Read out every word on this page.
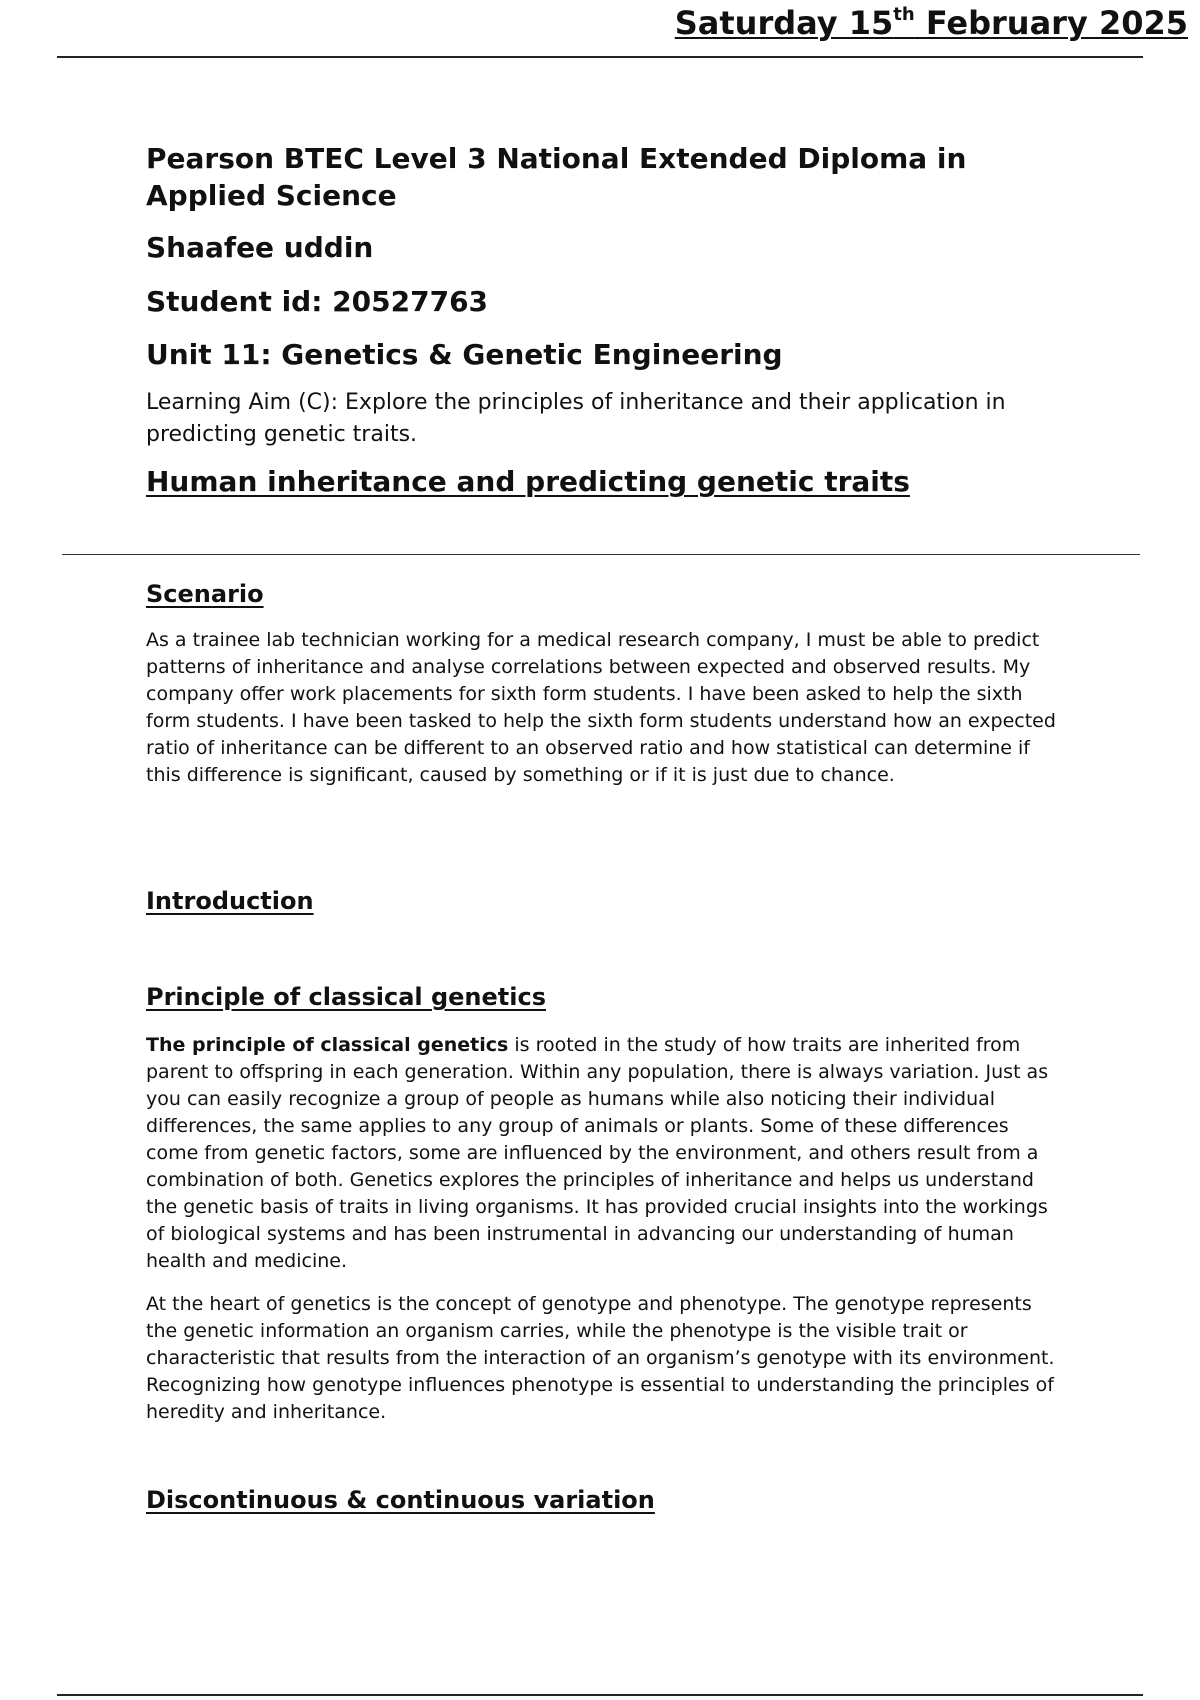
Saturday 15th February 2025

Pearson BTEC Level 3 National Extended Diploma in Applied Science

Shaafee uddin

Student id: 20527763

Unit 11: Genetics & Genetic Engineering

Learning Aim (C): Explore the principles of inheritance and their application in predicting genetic traits.

Human inheritance and predicting genetic traits

Scenario

As a trainee lab technician working for a medical research company, I must be able to predict patterns of inheritance and analyse correlations between expected and observed results. My company offer work placements for sixth form students. I have been asked to help the sixth form students. I have been tasked to help the sixth form students understand how an expected ratio of inheritance can be different to an observed ratio and how statistical can determine if this difference is significant, caused by something or if it is just due to chance.

Introduction
Principle of classical genetics

The principle of classical genetics is rooted in the study of how traits are inherited from parent to offspring in each generation. Within any population, there is always variation. Just as you can easily recognize a group of people as humans while also noticing their individual differences, the same applies to any group of animals or plants. Some of these differences come from genetic factors, some are influenced by the environment, and others result from a combination of both. Genetics explores the principles of inheritance and helps us understand the genetic basis of traits in living organisms. It has provided crucial insights into the workings of biological systems and has been instrumental in advancing our understanding of human health and medicine.

At the heart of genetics is the concept of genotype and phenotype. The genotype represents the genetic information an organism carries, while the phenotype is the visible trait or characteristic that results from the interaction of an organism’s genotype with its environment. Recognizing how genotype influences phenotype is essential to understanding the principles of heredity and inheritance.

Discontinuous & continuous variation
